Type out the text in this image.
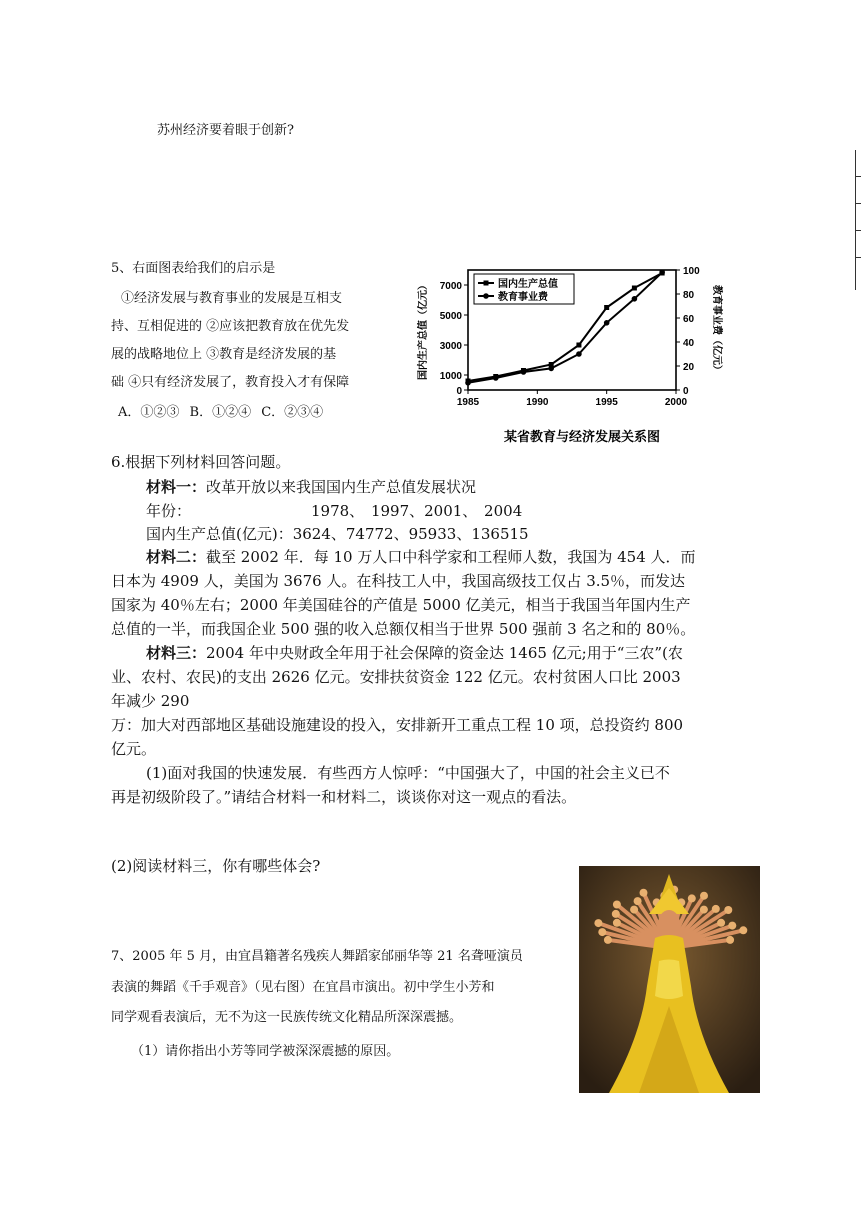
苏州经济要着眼于创新?
5、右面图表给我们的启示是
①经济发展与教育事业的发展是互相支
持、互相促进的 ②应该把教育放在优先发
展的战略地位上 ③教育是经济发展的基
础 ④只有经济发展了，教育投入才有保障
A．①②③ B．①②④ C．②③④
0
1000
3000
5000
7000
0
20
40
60
80
100
1985	1990	1995	2000
国内生产总值（亿元）	教育事业费（亿元）
国内生产总值
教育事业费
某省教育与经济发展关系图
6.根据下列材料回答问题。
材料一：改革开放以来我国国内生产总值发展状况
年份：	1978、 1997、2001、 2004
国内生产总值(亿元)：3624、74772、95933、136515
材料二：截至 2002 年．每 10 万人口中科学家和工程师人数，我国为 454 人．而
日本为 4909 人，美国为 3676 人。在科技工人中，我国高级技工仅占 3.5％，而发达
国家为 40％左右；2000 年美国硅谷的产值是 5000 亿美元，相当于我国当年国内生产
总值的一半，而我国企业 500 强的收入总额仅相当于世界 500 强前 3 名之和的 80％。
材料三：2004 年中央财政全年用于社会保障的资金达 1465 亿元;用于“三农”(农
业、农村、农民)的支出 2626 亿元。安排扶贫资金 122 亿元。农村贫困人口比 2003
年减少 290
万：加大对西部地区基础设施建设的投入，安排新开工重点工程 10 项，总投资约 800
亿元。
(1)面对我国的快速发展．有些西方人惊呼：“中国强大了，中国的社会主义已不
再是初级阶段了。”请结合材料一和材料二，谈谈你对这一观点的看法。
(2)阅读材料三，你有哪些体会?
7、2005 年 5 月，由宜昌籍著名残疾人舞蹈家邰丽华等 21 名聋哑演员
表演的舞蹈《千手观音》（见右图）在宜昌市演出。初中学生小芳和
同学观看表演后，无不为这一民族传统文化精品所深深震撼。
（1）请你指出小芳等同学被深深震撼的原因。
